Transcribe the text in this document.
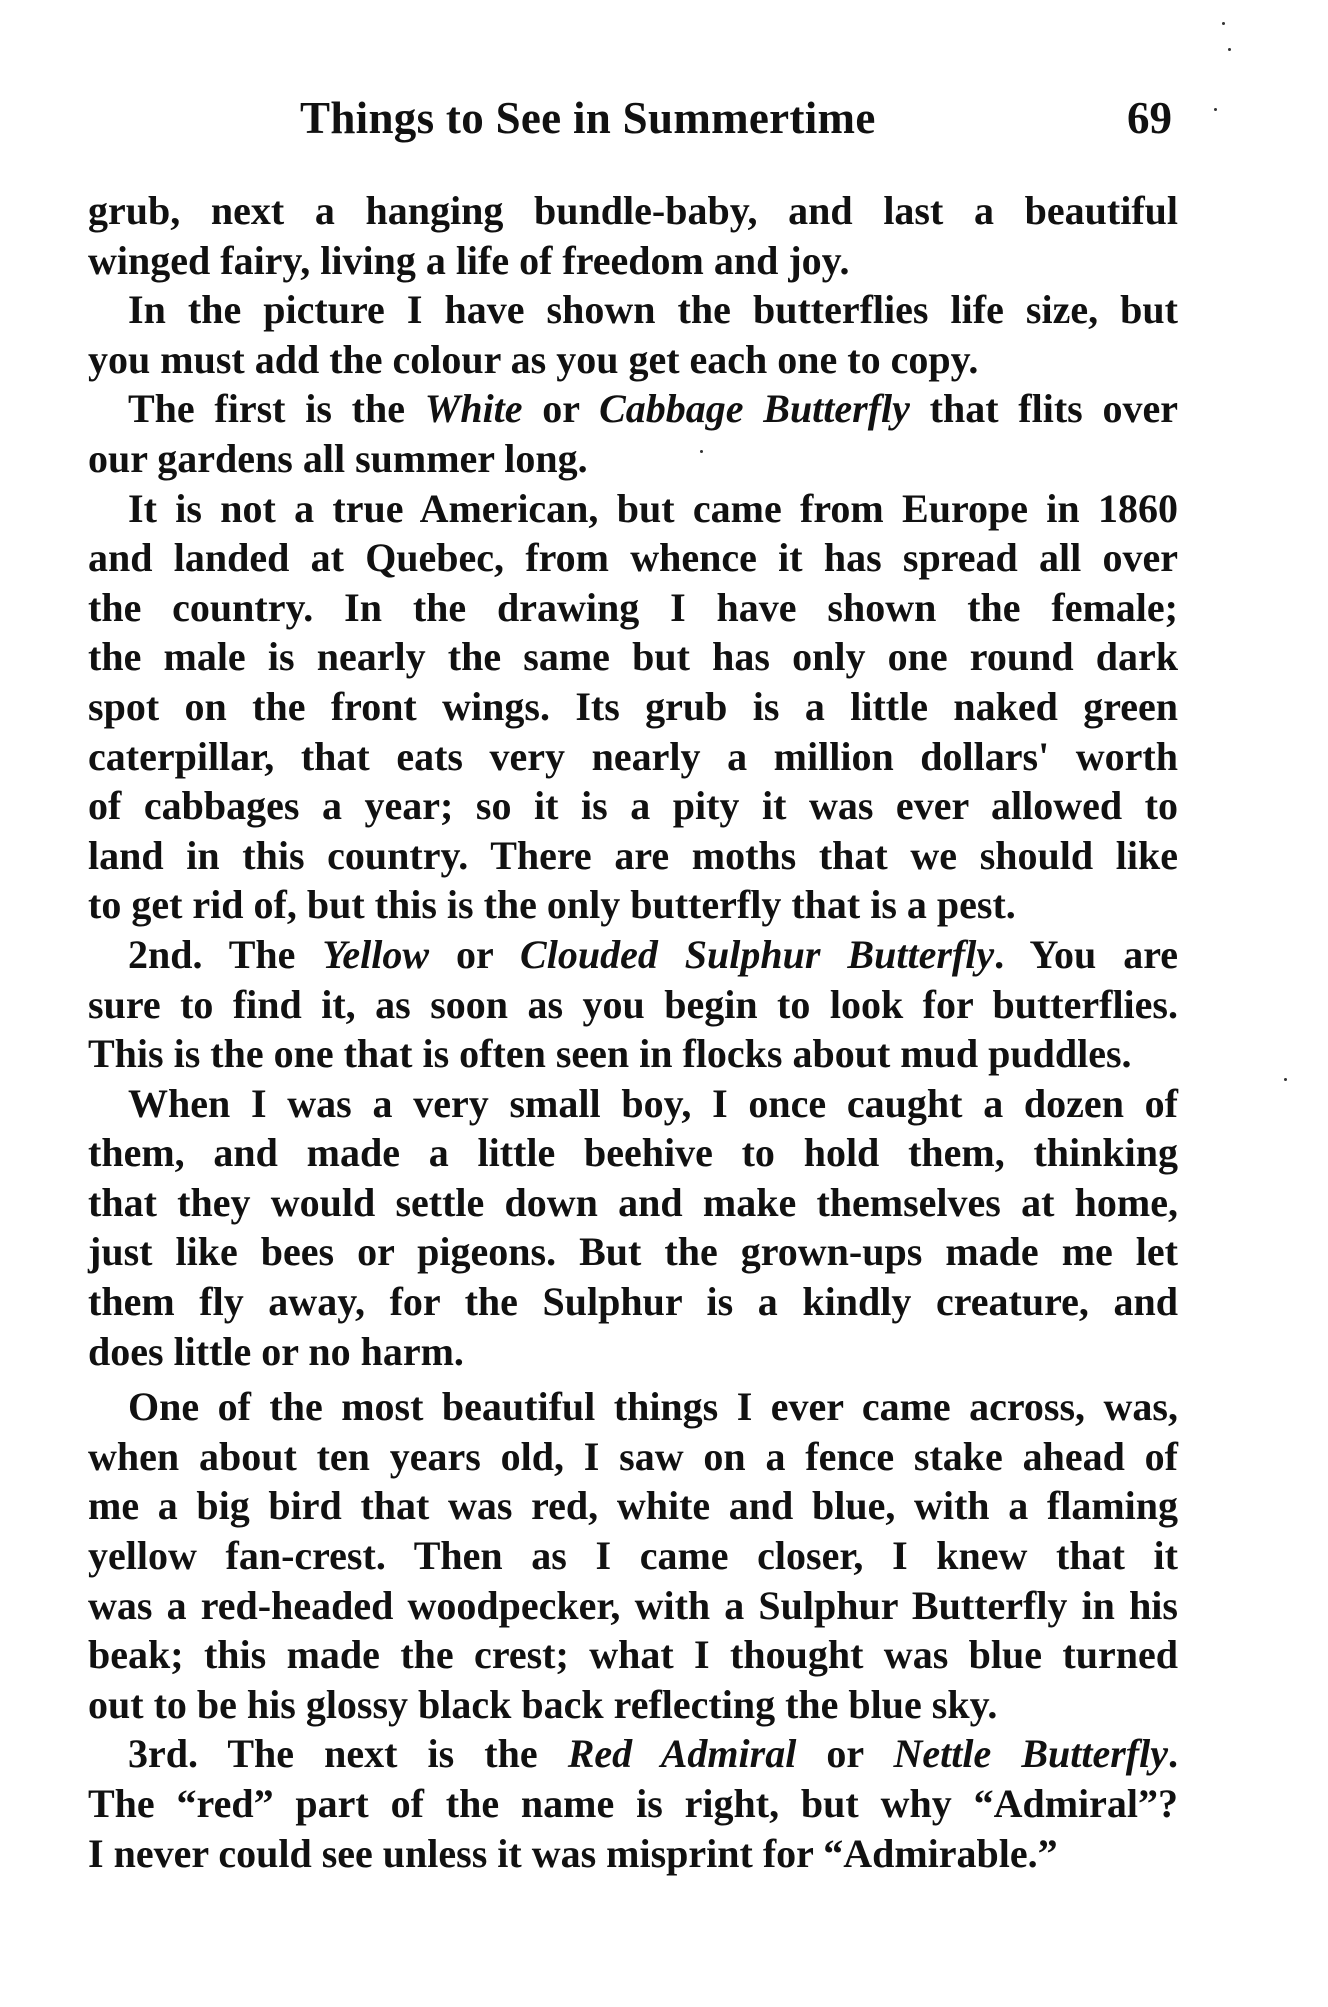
Things to See in Summertime	69
grub, next a hanging bundle-baby, and last a beautiful
winged fairy, living a life of freedom and joy.
In the picture I have shown the butterflies life size, but
you must add the colour as you get each one to copy.
The first is the White or Cabbage Butterfly that flits over
our gardens all summer long.
It is not a true American, but came from Europe in 1860
and landed at Quebec, from whence it has spread all over
the country. In the drawing I have shown the female;
the male is nearly the same but has only one round dark
spot on the front wings. Its grub is a little naked green
caterpillar, that eats very nearly a million dollars' worth
of cabbages a year; so it is a pity it was ever allowed to
land in this country. There are moths that we should like
to get rid of, but this is the only butterfly that is a pest.
2nd. The Yellow or Clouded Sulphur Butterfly. You are
sure to find it, as soon as you begin to look for butterflies.
This is the one that is often seen in flocks about mud puddles.
When I was a very small boy, I once caught a dozen of
them, and made a little beehive to hold them, thinking
that they would settle down and make themselves at home,
just like bees or pigeons. But the grown-ups made me let
them fly away, for the Sulphur is a kindly creature, and
does little or no harm.
One of the most beautiful things I ever came across, was,
when about ten years old, I saw on a fence stake ahead of
me a big bird that was red, white and blue, with a flaming
yellow fan-crest. Then as I came closer, I knew that it
was a red-headed woodpecker, with a Sulphur Butterfly in his
beak; this made the crest; what I thought was blue turned
out to be his glossy black back reflecting the blue sky.
3rd. The next is the Red Admiral or Nettle Butterfly.
The “red” part of the name is right, but why “Admiral”?
I never could see unless it was misprint for “Admirable.”
